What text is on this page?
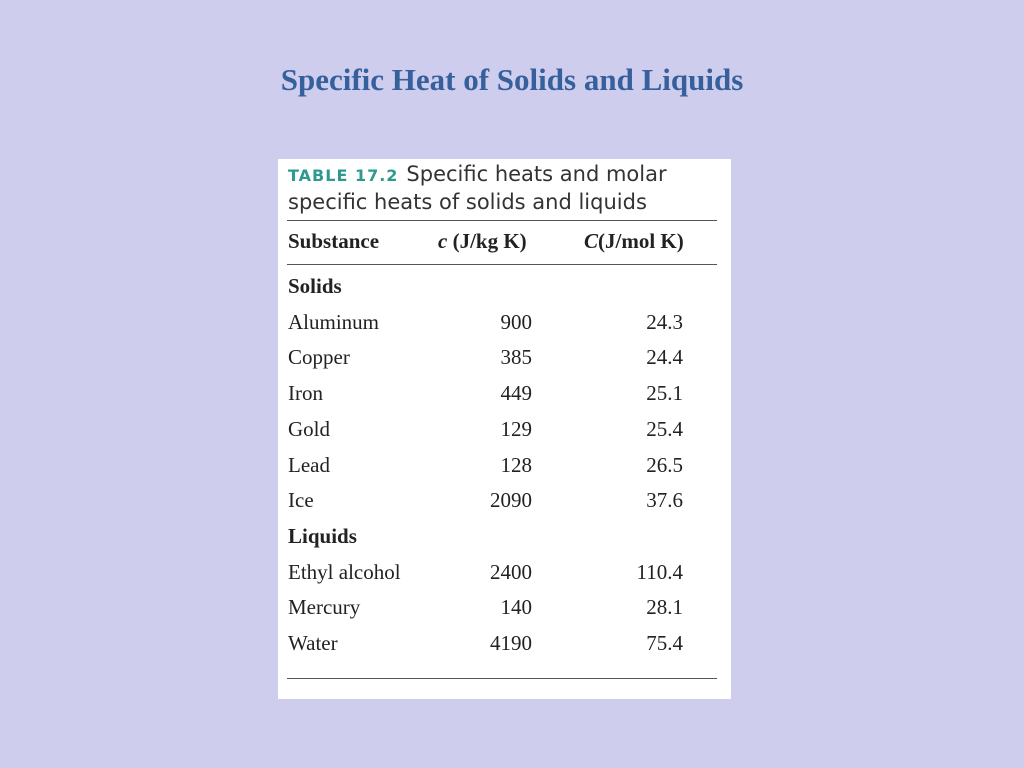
Specific Heat of Solids and Liquids
TABLE 17.2 Specific heats and molar specific heats of solids and liquids
Substance	c (J/kg K)	C(J/mol K)
Solids
Aluminum	900	24.3
Copper	385	24.4
Iron	449	25.1
Gold	129	25.4
Lead	128	26.5
Ice	2090	37.6
Liquids
Ethyl alcohol	2400	110.4
Mercury	140	28.1
Water	4190	75.4
